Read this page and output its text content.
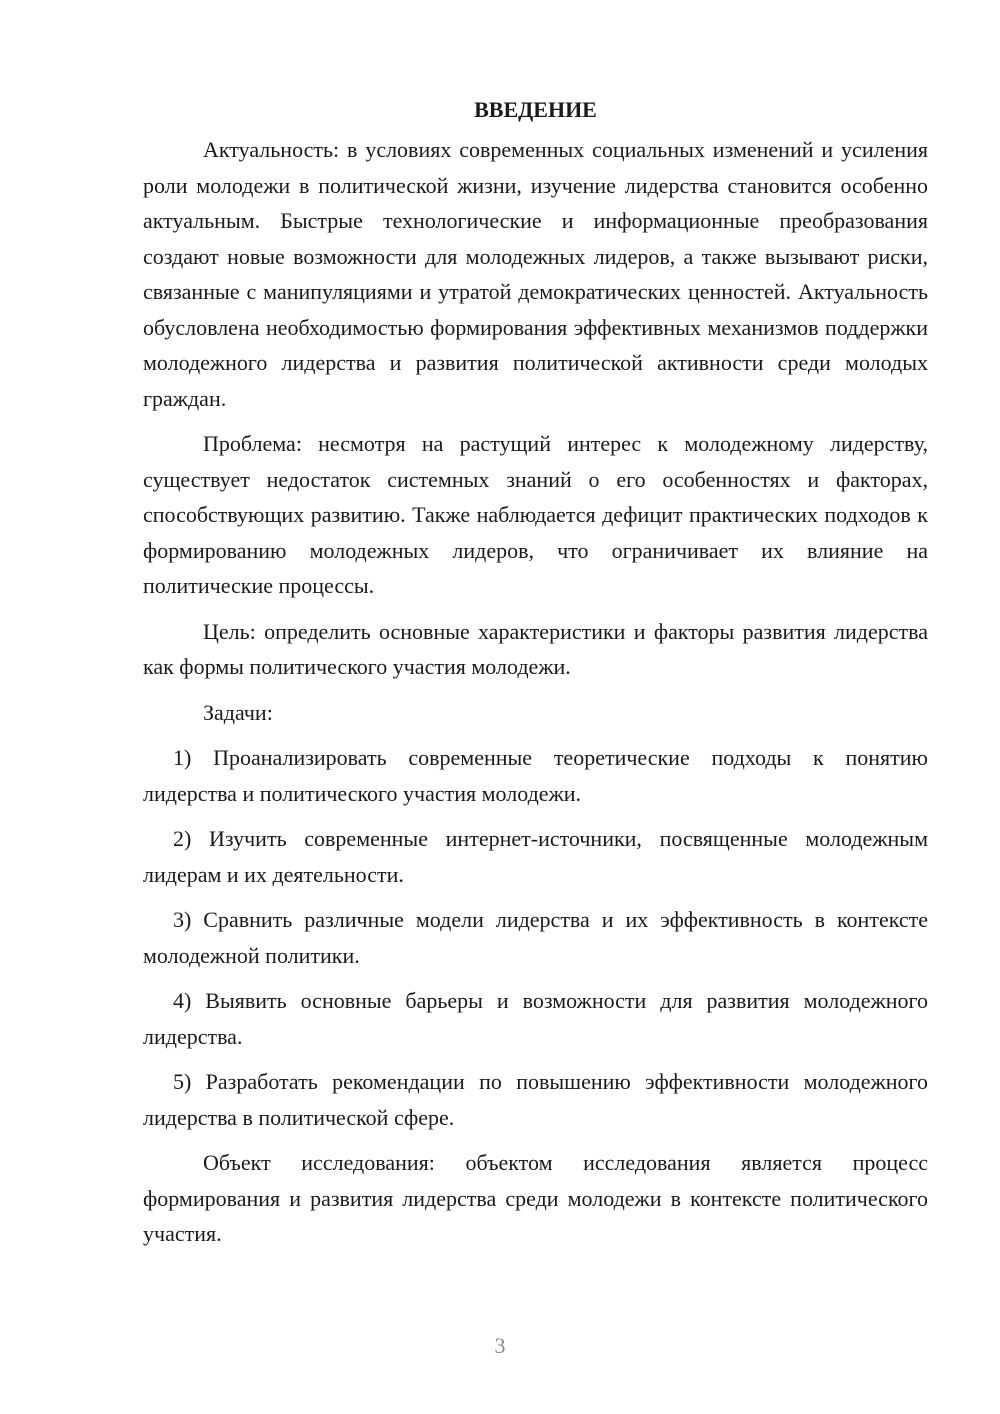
ВВЕДЕНИЕ

Актуальность: в условиях современных социальных изменений и усиления роли молодежи в политической жизни, изучение лидерства становится особенно актуальным. Быстрые технологические и информационные преобразования создают новые возможности для молодежных лидеров, а также вызывают риски, связанные с манипуляциями и утратой демократических ценностей. Актуальность обусловлена необходимостью формирования эффективных механизмов поддержки молодежного лидерства и развития политической активности среди молодых граждан.

Проблема: несмотря на растущий интерес к молодежному лидерству, существует недостаток системных знаний о его особенностях и факторах, способствующих развитию. Также наблюдается дефицит практических подходов к формированию молодежных лидеров, что ограничивает их влияние на политические процессы.

Цель: определить основные характеристики и факторы развития лидерства как формы политического участия молодежи.

Задачи:

1) Проанализировать современные теоретические подходы к понятию лидерства и политического участия молодежи.

2) Изучить современные интернет-источники, посвященные молодежным лидерам и их деятельности.

3) Сравнить различные модели лидерства и их эффективность в контексте молодежной политики.

4) Выявить основные барьеры и возможности для развития молодежного лидерства.

5) Разработать рекомендации по повышению эффективности молодежного лидерства в политической сфере.

Объект исследования: объектом исследования является процесс формирования и развития лидерства среди молодежи в контексте политического участия.

3
